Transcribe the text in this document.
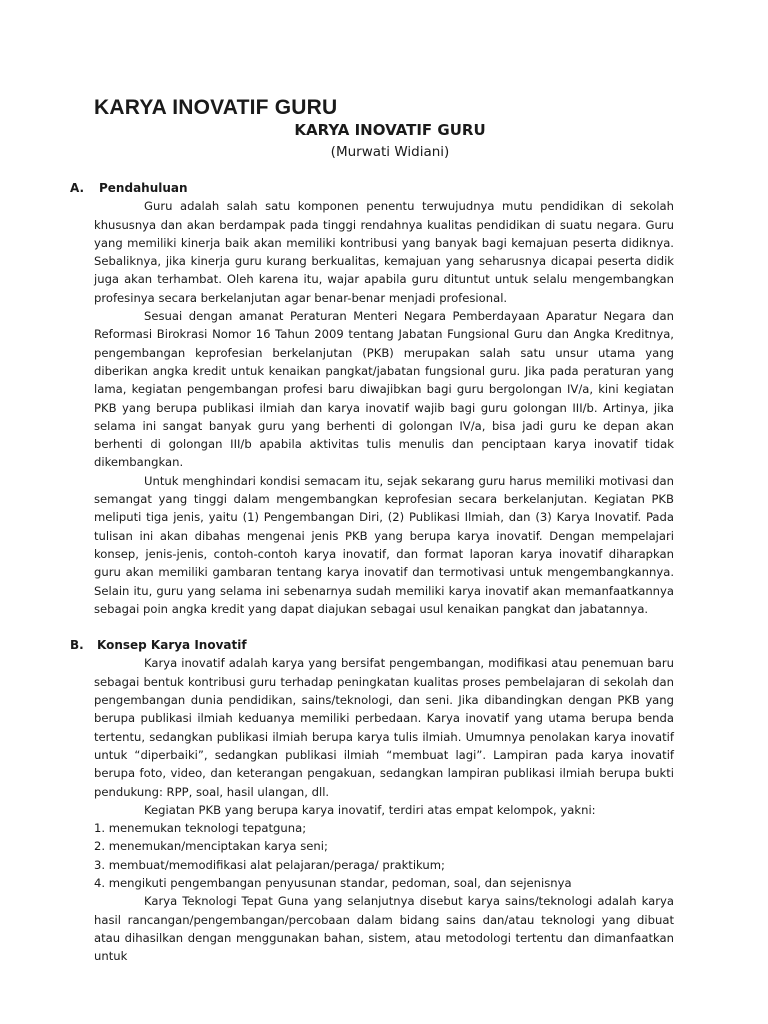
KARYA INOVATIF GURU
KARYA INOVATIF GURU

(Murwati Widiani)

A. Pendahuluan

Guru adalah salah satu komponen penentu terwujudnya mutu pendidikan di sekolah khususnya dan akan berdampak pada tinggi rendahnya kualitas pendidikan di suatu negara. Guru yang memiliki kinerja baik akan memiliki kontribusi yang banyak bagi kemajuan peserta didiknya. Sebaliknya, jika kinerja guru kurang berkualitas, kemajuan yang seharusnya dicapai peserta didik juga akan terhambat. Oleh karena itu, wajar apabila guru dituntut untuk selalu mengembangkan profesinya secara berkelanjutan agar benar-benar menjadi profesional.

Sesuai dengan amanat Peraturan Menteri Negara Pemberdayaan Aparatur Negara dan Reformasi Birokrasi Nomor 16 Tahun 2009 tentang Jabatan Fungsional Guru dan Angka Kreditnya, pengembangan keprofesian berkelanjutan (PKB) merupakan salah satu unsur utama yang diberikan angka kredit untuk kenaikan pangkat/jabatan fungsional guru. Jika pada peraturan yang lama, kegiatan pengembangan profesi baru diwajibkan bagi guru bergolongan IV/a, kini kegiatan PKB yang berupa publikasi ilmiah dan karya inovatif wajib bagi guru golongan III/b. Artinya, jika selama ini sangat banyak guru yang berhenti di golongan IV/a, bisa jadi guru ke depan akan berhenti di golongan III/b apabila aktivitas tulis menulis dan penciptaan karya inovatif tidak dikembangkan.

Untuk menghindari kondisi semacam itu, sejak sekarang guru harus memiliki motivasi dan semangat yang tinggi dalam mengembangkan keprofesian secara berkelanjutan. Kegiatan PKB meliputi tiga jenis, yaitu (1) Pengembangan Diri, (2) Publikasi Ilmiah, dan (3) Karya Inovatif. Pada tulisan ini akan dibahas mengenai jenis PKB yang berupa karya inovatif. Dengan mempelajari konsep, jenis-jenis, contoh-contoh karya inovatif, dan format laporan karya inovatif diharapkan guru akan memiliki gambaran tentang karya inovatif dan termotivasi untuk mengembangkannya. Selain itu, guru yang selama ini sebenarnya sudah memiliki karya inovatif akan memanfaatkannya sebagai poin angka kredit yang dapat diajukan sebagai usul kenaikan pangkat dan jabatannya.

B. Konsep Karya Inovatif

Karya inovatif adalah karya yang bersifat pengembangan, modifikasi atau penemuan baru sebagai bentuk kontribusi guru terhadap peningkatan kualitas proses pembelajaran di sekolah dan pengembangan dunia pendidikan, sains/teknologi, dan seni. Jika dibandingkan dengan PKB yang berupa publikasi ilmiah keduanya memiliki perbedaan. Karya inovatif yang utama berupa benda tertentu, sedangkan publikasi ilmiah berupa karya tulis ilmiah. Umumnya penolakan karya inovatif untuk “diperbaiki”, sedangkan publikasi ilmiah “membuat lagi”. Lampiran pada karya inovatif berupa foto, video, dan keterangan pengakuan, sedangkan lampiran publikasi ilmiah berupa bukti pendukung: RPP, soal, hasil ulangan, dll.

Kegiatan PKB yang berupa karya inovatif, terdiri atas empat kelompok, yakni:

1. menemukan teknologi tepatguna;
2. menemukan/menciptakan karya seni;
3. membuat/memodifikasi alat pelajaran/peraga/ praktikum;
4. mengikuti pengembangan penyusunan standar, pedoman, soal, dan sejenisnya

Karya Teknologi Tepat Guna yang selanjutnya disebut karya sains/teknologi adalah karya hasil rancangan/pengembangan/percobaan dalam bidang sains dan/atau teknologi yang dibuat atau dihasilkan dengan menggunakan bahan, sistem, atau metodologi tertentu dan dimanfaatkan untuk
